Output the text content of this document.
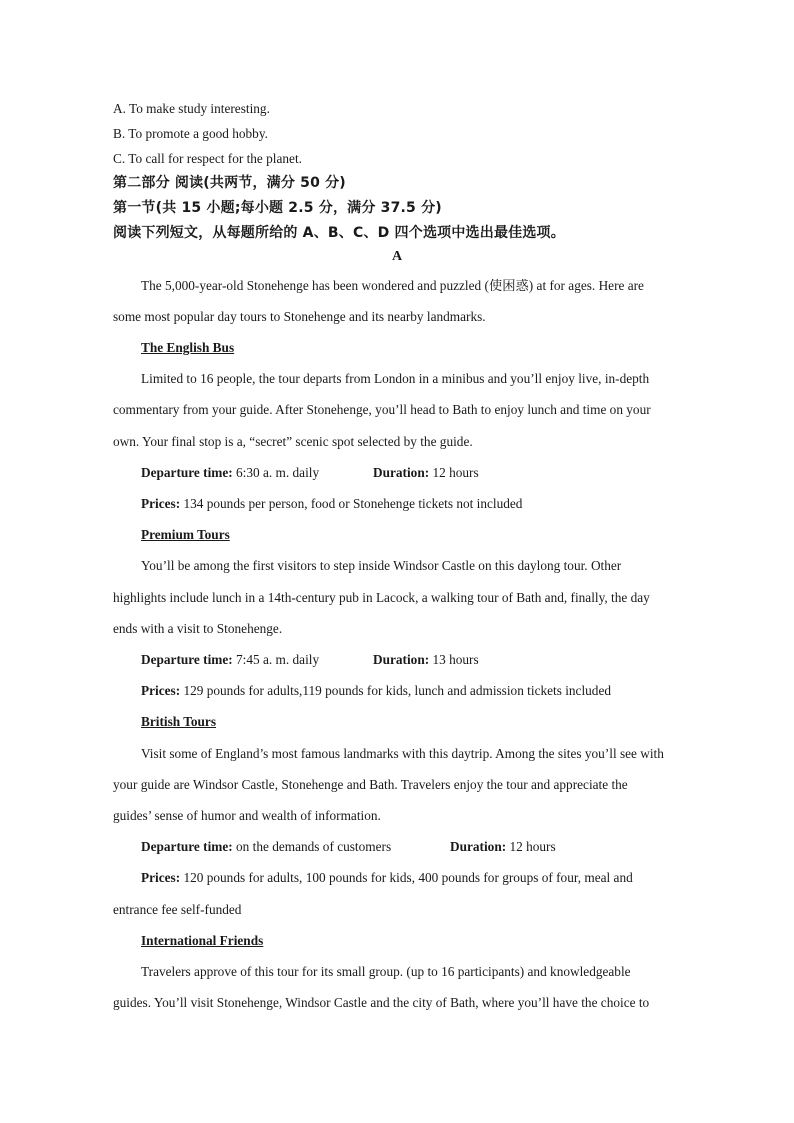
A. To make study interesting.
B. To promote a good hobby.
C. To call for respect for the planet.
第二部分 阅读(共两节，满分 50 分)
第一节(共 15 小题;每小题 2.5 分，满分 37.5 分)
阅读下列短文，从每题所给的 A、B、C、D 四个选项中选出最佳选项。
A
The 5,000-year-old Stonehenge has been wondered and puzzled (使困惑) at for ages. Here are
some most popular day tours to Stonehenge and its nearby landmarks.
The English Bus
Limited to 16 people, the tour departs from London in a minibus and you’ll enjoy live, in-depth
commentary from your guide. After Stonehenge, you’ll head to Bath to enjoy lunch and time on your
own. Your final stop is a, “secret” scenic spot selected by the guide.
Departure time: 6:30 a. m. daily	Duration: 12 hours
Prices: 134 pounds per person, food or Stonehenge tickets not included
Premium Tours
You’ll be among the first visitors to step inside Windsor Castle on this daylong tour. Other
highlights include lunch in a 14th-century pub in Lacock, a walking tour of Bath and, finally, the day
ends with a visit to Stonehenge.
Departure time: 7:45 a. m. daily	Duration: 13 hours
Prices: 129 pounds for adults,119 pounds for kids, lunch and admission tickets included
British Tours
Visit some of England’s most famous landmarks with this daytrip. Among the sites you’ll see with
your guide are Windsor Castle, Stonehenge and Bath. Travelers enjoy the tour and appreciate the
guides’ sense of humor and wealth of information.
Departure time: on the demands of customers	Duration: 12 hours
Prices: 120 pounds for adults, 100 pounds for kids, 400 pounds for groups of four, meal and
entrance fee self-funded
International Friends
Travelers approve of this tour for its small group. (up to 16 participants) and knowledgeable
guides. You’ll visit Stonehenge, Windsor Castle and the city of Bath, where you’ll have the choice to
